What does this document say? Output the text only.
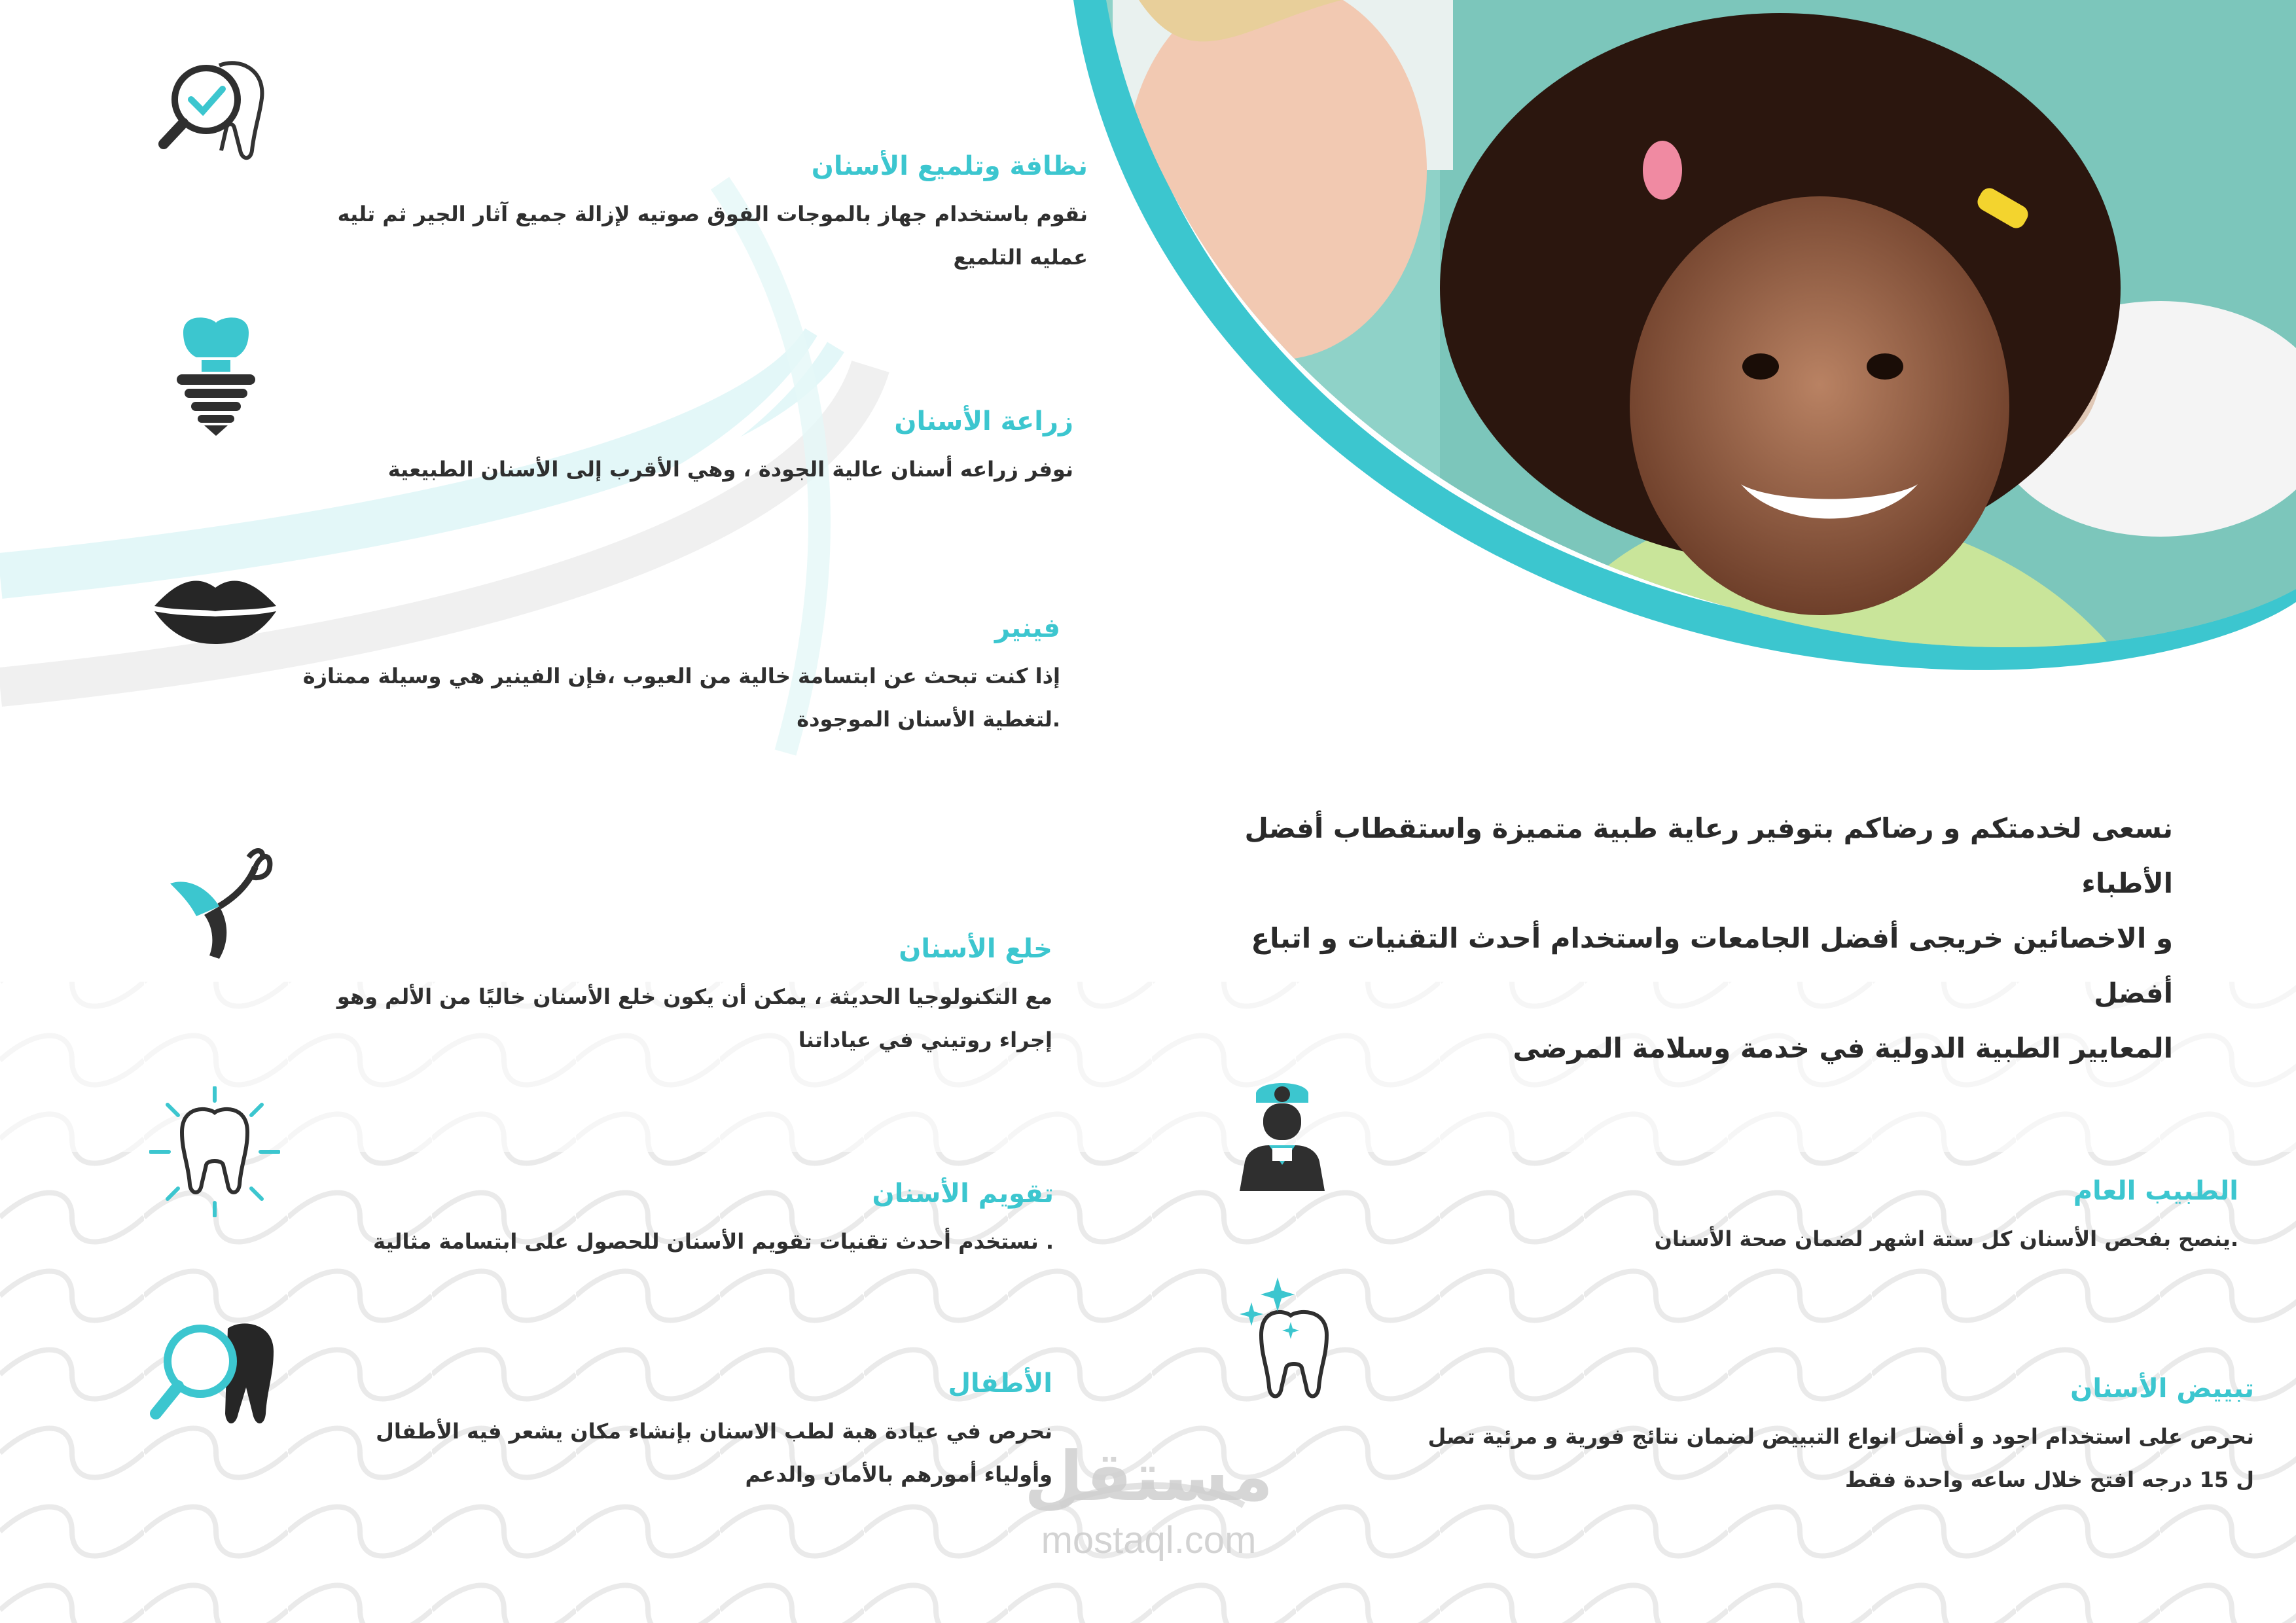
نظافة وتلميع الأسنان

نقوم باستخدام جهاز بالموجات الفوق صوتيه لإزالة جميع آثار الجير ثم تليه

عمليه التلميع

زراعة الأسنان

نوفر زراعه أسنان عالية الجودة ، وهي الأقرب إلى الأسنان الطبيعية

فينير

إذا كنت تبحث عن ابتسامة خالية من العيوب ،فإن الفينير هي وسيلة ممتازة

.لتغطية الأسنان الموجودة

خلع الأسنان

مع التكنولوجيا الحديثة ، يمكن أن يكون خلع الأسنان خاليًا من الألم وهو

إجراء روتيني في عياداتنا

تقويم الأسنان

. نستخدم أحدث تقنيات تقويم الأسنان للحصول على ابتسامة مثالية

الأطفال

نحرص في عيادة هبة لطب الاسنان بإنشاء مكان يشعر فيه الأطفال

وأولياء أمورهم بالأمان والدعم

نسعى لخدمتكم و رضاكم بتوفير رعاية طبية متميزة واستقطاب أفضل الأطباء
و الاخصائين خريجى أفضل الجامعات واستخدام أحدث التقنيات و اتباع أفضل
المعايير الطبية الدولية في خدمة وسلامة المرضى
الطبيب العام

.ينصح بفحص الأسنان كل ستة اشهر لضمان صحة الأسنان

تبييض الأسنان

نحرص على استخدام اجود و أفضل انواع التبييض لضمان نتائج فورية و مرئية تصل

ل 15 درجه افتح خلال ساعه واحدة فقط

مستقل
mostaql.com
